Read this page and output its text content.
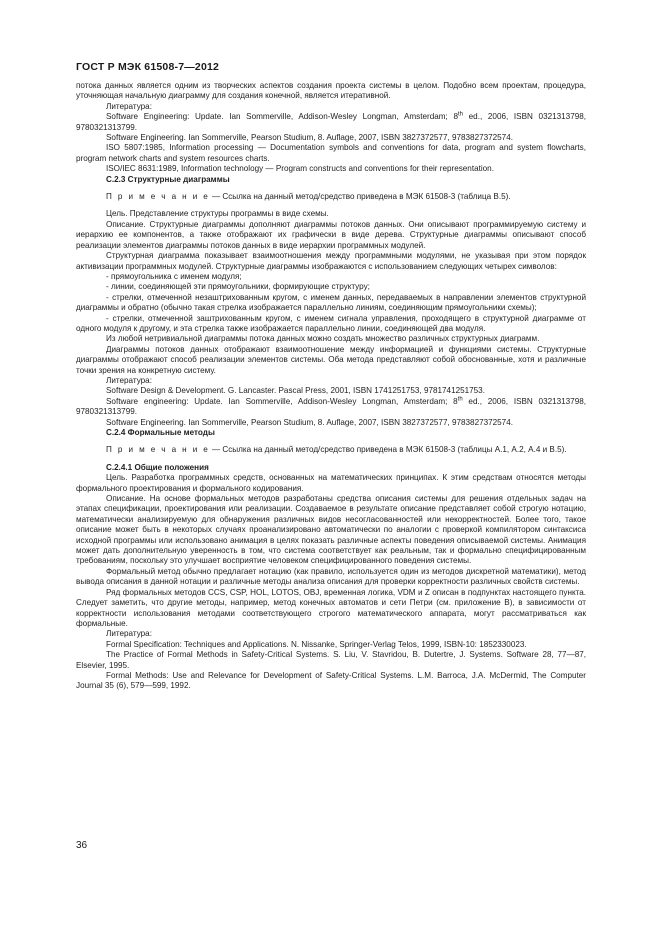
ГОСТ Р МЭК 61508-7—2012

потока данных является одним из творческих аспектов создания проекта системы в целом. Подобно всем проектам, процедура, уточняющая начальную диаграмму для создания конечной, является итеративной.

Литература:

Software Engineering: Update. Ian Sommerville, Addison-Wesley Longman, Amsterdam; 8th ed., 2006, ISBN 0321313798, 9780321313799.

Software Engineering. Ian Sommerville, Pearson Studium, 8. Auflage, 2007, ISBN 3827372577, 9783827372574.

ISO 5807:1985, Information processing — Documentation symbols and conventions for data, program and system flowcharts, program network charts and system resources charts.

ISO/IEC 8631:1989, Information technology — Program constructs and conventions for their representation.

C.2.3 Структурные диаграммы

П р и м е ч а н и е — Ссылка на данный метод/средство приведена в МЭК 61508-3 (таблица В.5).

Цель. Представление структуры программы в виде схемы.

Описание. Структурные диаграммы дополняют диаграммы потоков данных. Они описывают программируемую систему и иерархию ее компонентов, а также отображают их графически в виде дерева. Структурные диаграммы описывают способ реализации элементов диаграммы потоков данных в виде иерархии программных модулей.

Структурная диаграмма показывает взаимоотношения между программными модулями, не указывая при этом порядок активизации программных модулей. Структурные диаграммы изображаются с использованием следующих четырех символов:

- прямоугольника с именем модуля;

- линии, соединяющей эти прямоугольники, формирующие структуру;

- стрелки, отмеченной незаштрихованным кругом, с именем данных, передаваемых в направлении элементов структурной диаграммы и обратно (обычно такая стрелка изображается параллельно линиям, соединяющим прямоугольники схемы);

- стрелки, отмеченной заштрихованным кругом, с именем сигнала управления, проходящего в структурной диаграмме от одного модуля к другому, и эта стрелка также изображается параллельно линии, соединяющей два модуля.

Из любой нетривиальной диаграммы потока данных можно создать множество различных структурных диаграмм.

Диаграммы потоков данных отображают взаимоотношение между информацией и функциями системы. Структурные диаграммы отображают способ реализации элементов системы. Оба метода представляют собой обоснованные, хотя и различные точки зрения на конкретную систему.

Литература:

Software Design & Development. G. Lancaster. Pascal Press, 2001, ISBN 1741251753, 9781741251753.

Software engineering: Update. Ian Sommerville, Addison-Wesley Longman, Amsterdam; 8th ed., 2006, ISBN 0321313798, 9780321313799.

Software Engineering. Ian Sommerville, Pearson Studium, 8. Auflage, 2007, ISBN 3827372577, 9783827372574.

C.2.4 Формальные методы

П р и м е ч а н и е — Ссылка на данный метод/средство приведена в МЭК 61508-3 (таблицы А.1, А.2, А.4 и В.5).

C.2.4.1 Общие положения

Цель. Разработка программных средств, основанных на математических принципах. К этим средствам относятся методы формального проектирования и формального кодирования.

Описание. На основе формальных методов разработаны средства описания системы для решения отдельных задач на этапах спецификации, проектирования или реализации. Создаваемое в результате описание представляет собой строгую нотацию, математически анализируемую для обнаружения различных видов несогласованностей или некорректностей. Более того, такое описание может быть в некоторых случаях проанализировано автоматически по аналогии с проверкой компилятором синтаксиса исходной программы или использовано анимация в целях показать различные аспекты поведения описываемой системы. Анимация может дать дополнительную уверенность в том, что система соответствует как реальным, так и формально специфицированным требованиям, поскольку это улучшает восприятие человеком специфицированного поведения системы.

Формальный метод обычно предлагает нотацию (как правило, используется один из методов дискретной математики), метод вывода описания в данной нотации и различные методы анализа описания для проверки корректности различных свойств системы.

Ряд формальных методов CCS, CSP, HOL, LOTOS, OBJ, временная логика, VDM и Z описан в подпунктах настоящего пункта. Следует заметить, что другие методы, например, метод конечных автоматов и сети Петри (см. приложение В), в зависимости от корректности использования методами соответствующего строгого математического аппарата, могут рассматриваться как формальные.

Литература:

Formal Specification: Techniques and Applications. N. Nissanke, Springer-Verlag Telos, 1999, ISBN-10: 1852330023.

The Practice of Formal Methods in Safety-Critical Systems. S. Liu, V. Stavridou, B. Dutertre, J. Systems. Software 28, 77—87, Elsevier, 1995.

Formal Methods: Use and Relevance for Development of Safety-Critical Systems. L.M. Barroca, J.A. McDermid, The Computer Journal 35 (6), 579—599, 1992.

36
